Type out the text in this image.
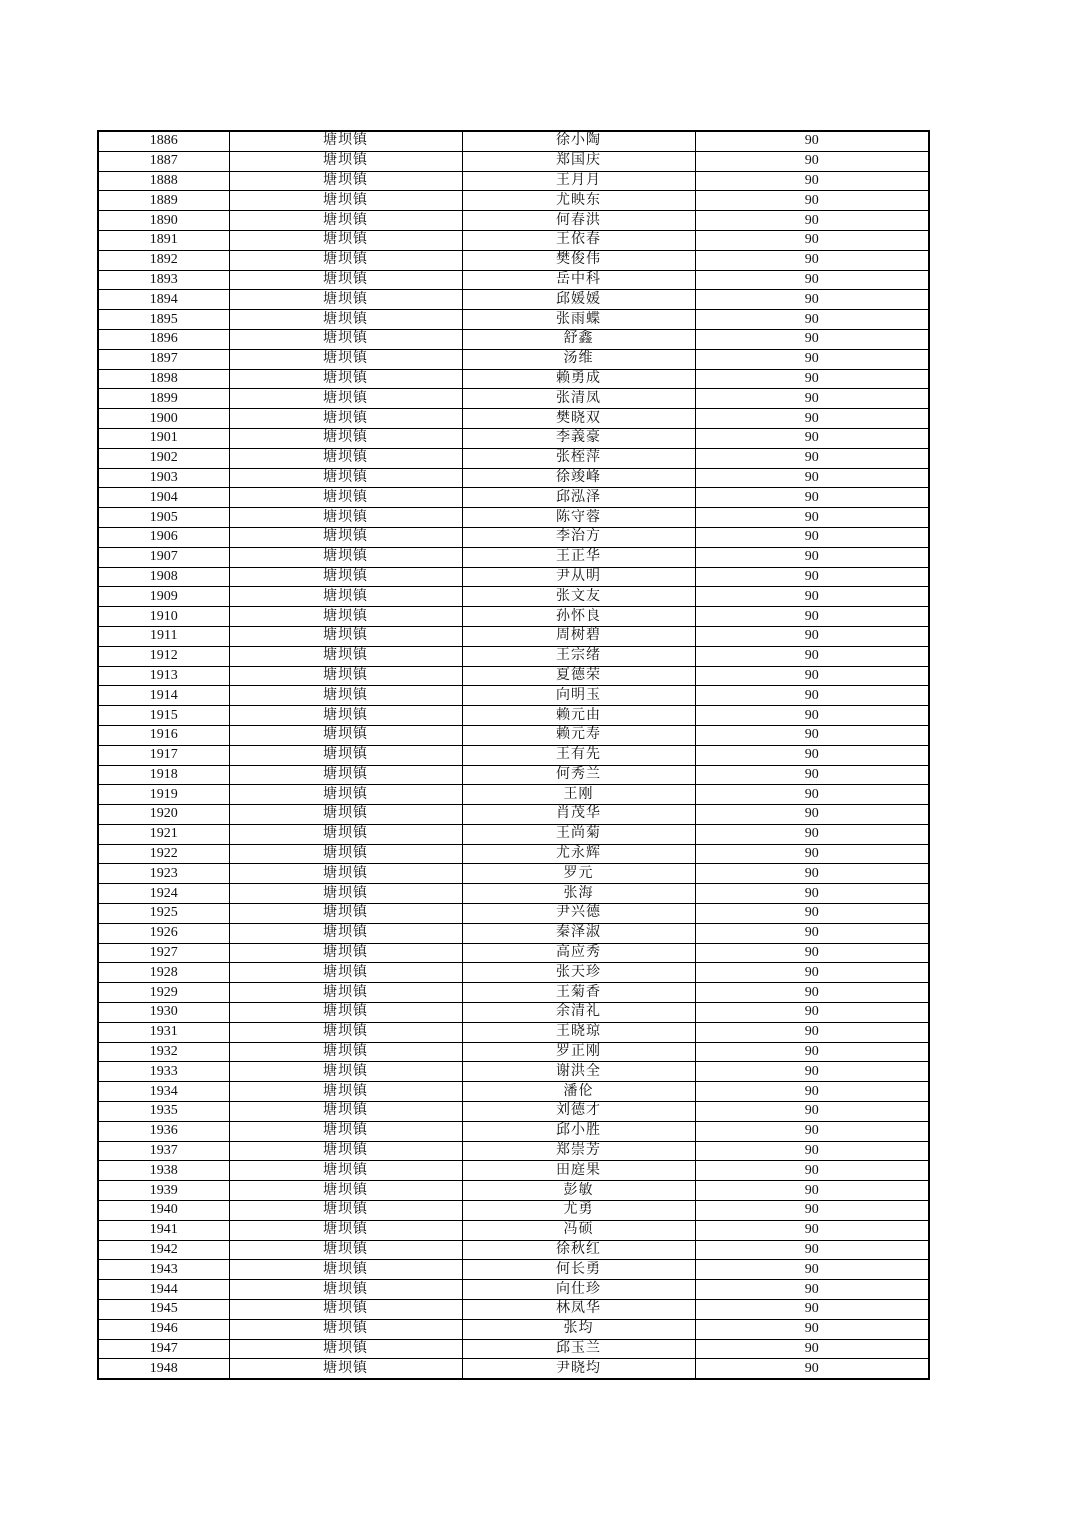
1886	塘坝镇	徐小陶	90
1887	塘坝镇	郑国庆	90
1888	塘坝镇	王月月	90
1889	塘坝镇	尤映东	90
1890	塘坝镇	何春洪	90
1891	塘坝镇	王依春	90
1892	塘坝镇	樊俊伟	90
1893	塘坝镇	岳中科	90
1894	塘坝镇	邱媛媛	90
1895	塘坝镇	张雨蝶	90
1896	塘坝镇	舒鑫	90
1897	塘坝镇	汤维	90
1898	塘坝镇	赖勇成	90
1899	塘坝镇	张清凤	90
1900	塘坝镇	樊晓双	90
1901	塘坝镇	李義豪	90
1902	塘坝镇	张桎萍	90
1903	塘坝镇	徐竣峰	90
1904	塘坝镇	邱泓泽	90
1905	塘坝镇	陈守蓉	90
1906	塘坝镇	李治方	90
1907	塘坝镇	王正华	90
1908	塘坝镇	尹从明	90
1909	塘坝镇	张文友	90
1910	塘坝镇	孙怀良	90
1911	塘坝镇	周树碧	90
1912	塘坝镇	王宗绪	90
1913	塘坝镇	夏德荣	90
1914	塘坝镇	向明玉	90
1915	塘坝镇	赖元由	90
1916	塘坝镇	赖元寿	90
1917	塘坝镇	王有先	90
1918	塘坝镇	何秀兰	90
1919	塘坝镇	王刚	90
1920	塘坝镇	肖茂华	90
1921	塘坝镇	王尚菊	90
1922	塘坝镇	尤永辉	90
1923	塘坝镇	罗元	90
1924	塘坝镇	张海	90
1925	塘坝镇	尹兴德	90
1926	塘坝镇	秦泽淑	90
1927	塘坝镇	高应秀	90
1928	塘坝镇	张天珍	90
1929	塘坝镇	王菊香	90
1930	塘坝镇	余清礼	90
1931	塘坝镇	王晓琼	90
1932	塘坝镇	罗正刚	90
1933	塘坝镇	谢洪全	90
1934	塘坝镇	潘伦	90
1935	塘坝镇	刘德才	90
1936	塘坝镇	邱小胜	90
1937	塘坝镇	郑崇芳	90
1938	塘坝镇	田庭果	90
1939	塘坝镇	彭敏	90
1940	塘坝镇	尤勇	90
1941	塘坝镇	冯硕	90
1942	塘坝镇	徐秋红	90
1943	塘坝镇	何长勇	90
1944	塘坝镇	向仕珍	90
1945	塘坝镇	林凤华	90
1946	塘坝镇	张均	90
1947	塘坝镇	邱玉兰	90
1948	塘坝镇	尹晓均	90
